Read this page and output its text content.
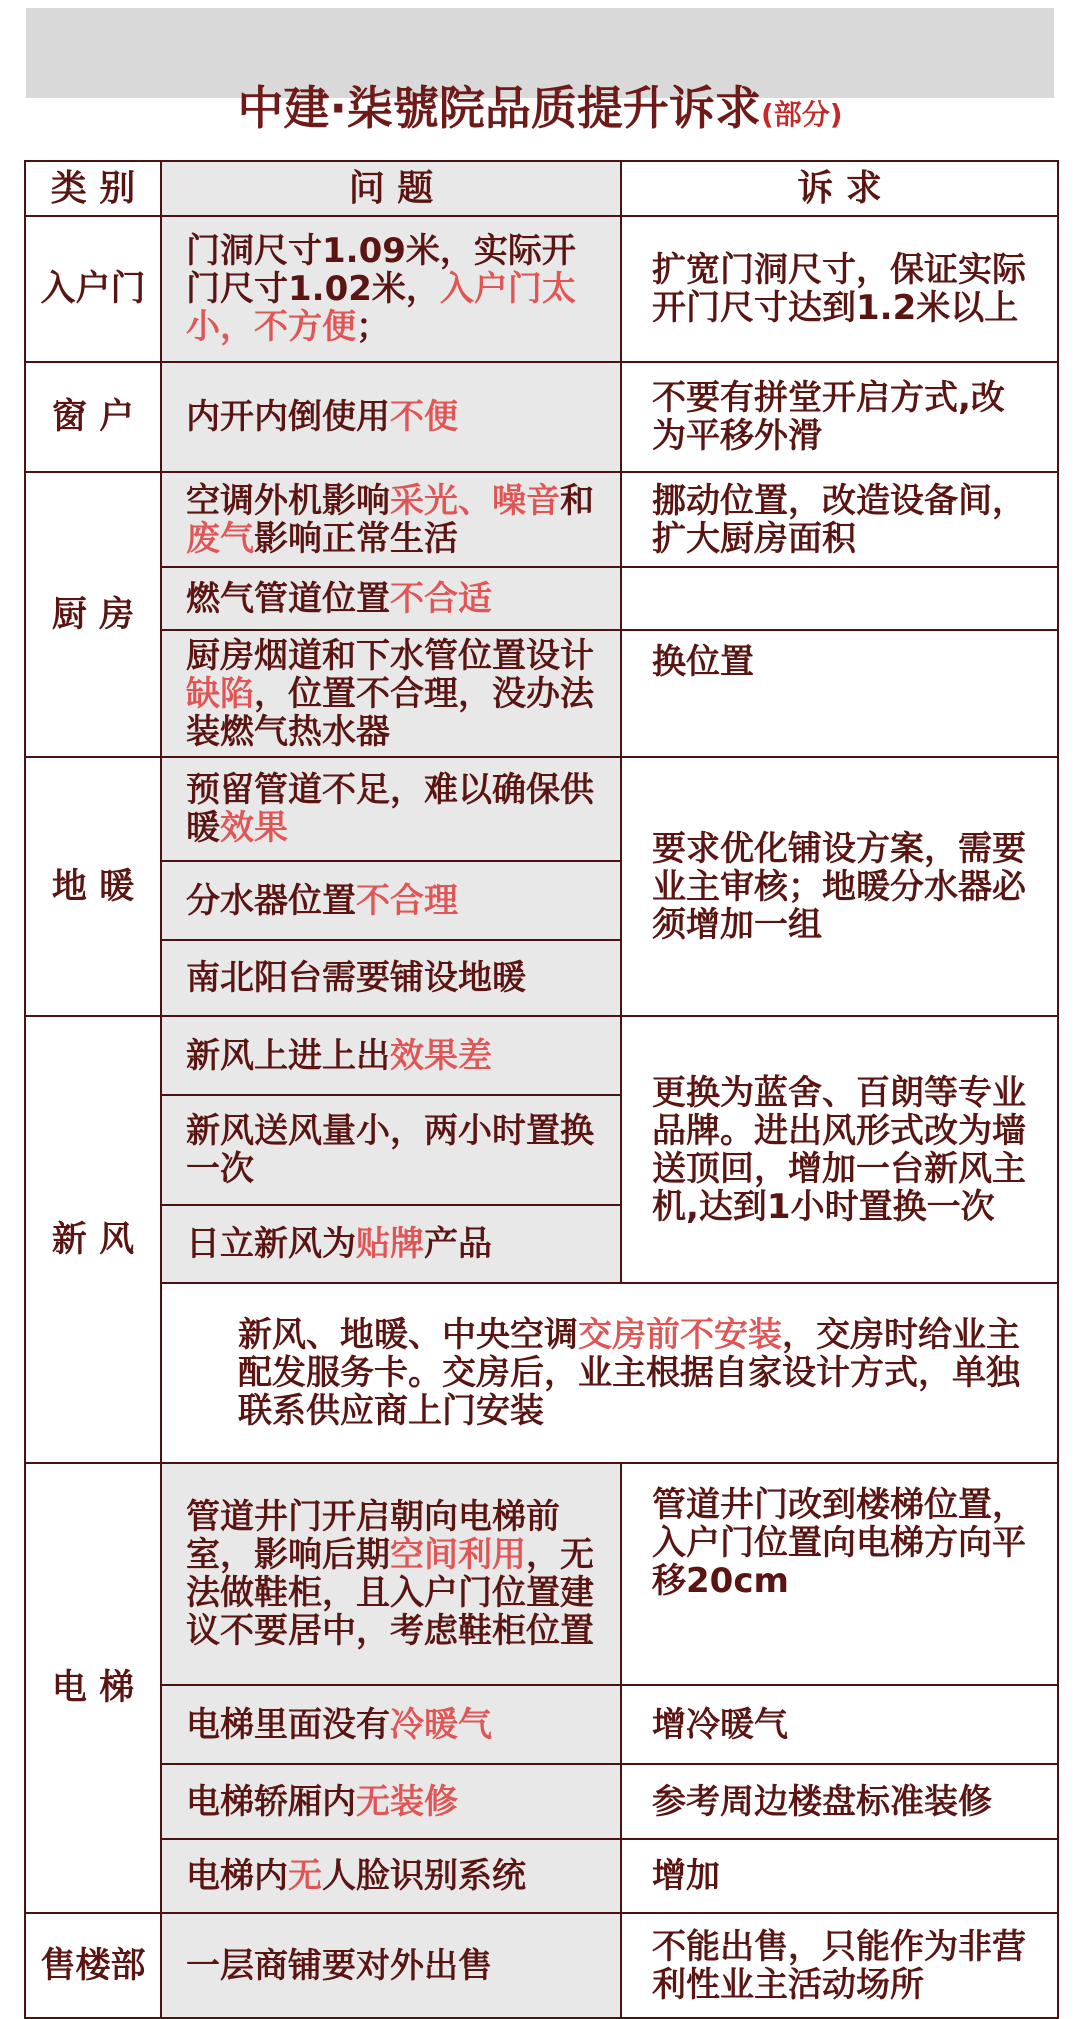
中建·柒號院品质提升诉求(部分)
类 别	问 题	诉 求
入户门	门洞尺寸1.09米，实际开门尺寸1.02米，入户门太小，不方便；	扩宽门洞尺寸，保证实际开门尺寸达到1.2米以上
窗 户	内开内倒使用不便	不要有拼堂开启方式,改为平移外滑
厨 房	空调外机影响采光、噪音和废气影响正常生活	挪动位置，改造设备间，扩大厨房面积
	燃气管道位置不合适	
	厨房烟道和下水管位置设计缺陷，位置不合理，没办法装燃气热水器	换位置
地 暖	预留管道不足，难以确保供暖效果	要求优化铺设方案，需要业主审核；地暖分水器必须增加一组
	分水器位置不合理	
	南北阳台需要铺设地暖	
新 风	新风上进上出效果差	更换为蓝舍、百朗等专业品牌。进出风形式改为墙送顶回，增加一台新风主机,达到1小时置换一次
	新风送风量小，两小时置换一次	
	日立新风为贴牌产品	
	新风、地暖、中央空调交房前不安装，交房时给业主配发服务卡。交房后，业主根据自家设计方式，单独联系供应商上门安装	
电 梯	管道井门开启朝向电梯前室，影响后期空间利用，无法做鞋柜，且入户门位置建议不要居中，考虑鞋柜位置	管道井门改到楼梯位置，入户门位置向电梯方向平移20cm
	电梯里面没有冷暖气	增冷暖气
	电梯轿厢内无装修	参考周边楼盘标准装修
	电梯内无人脸识别系统	增加
售楼部	一层商铺要对外出售	不能出售，只能作为非营利性业主活动场所
